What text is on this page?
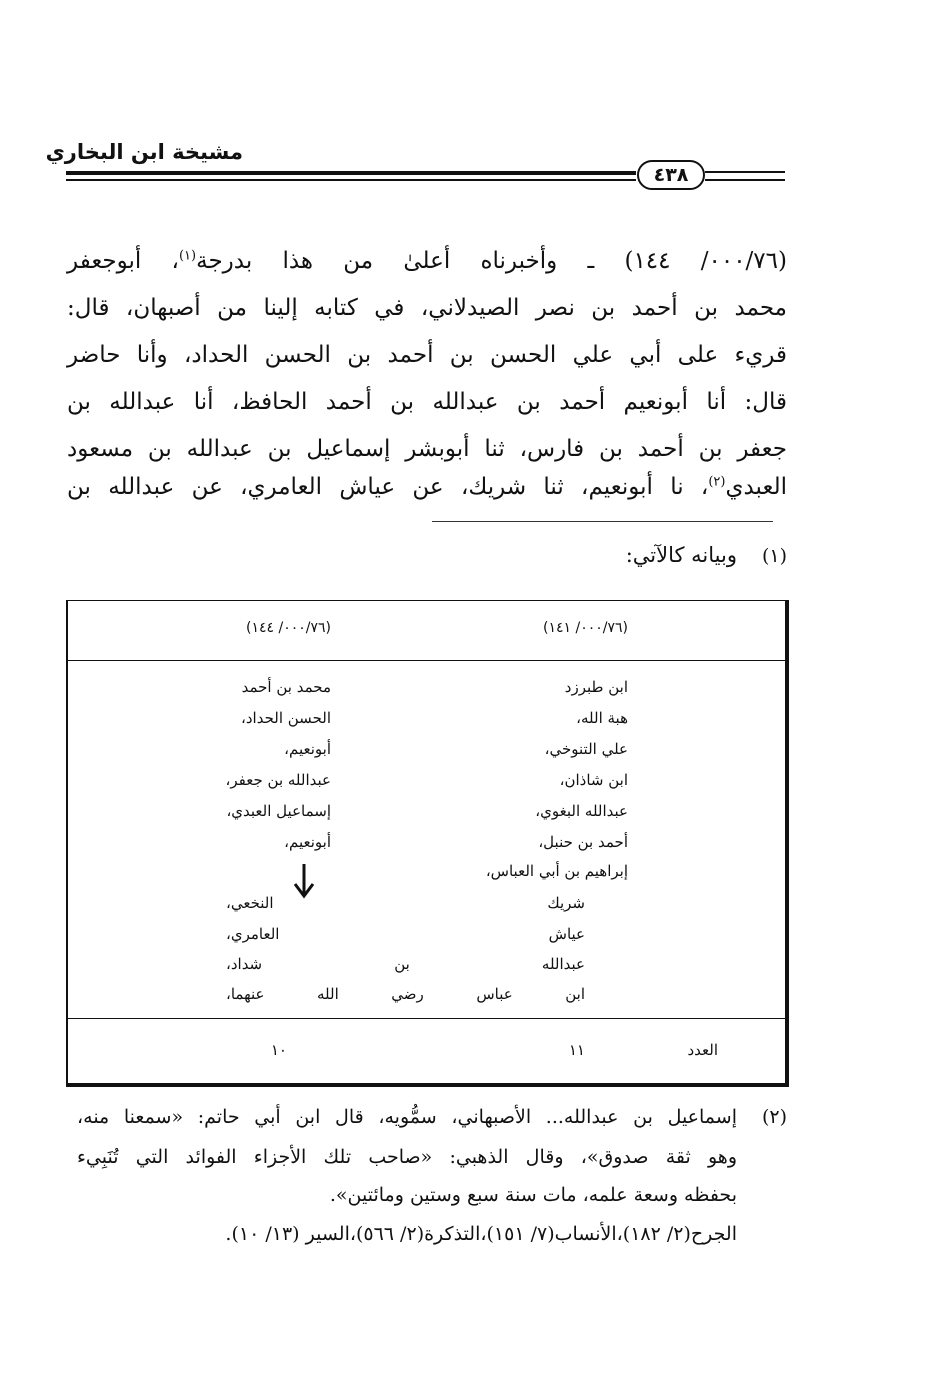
مشيخة ابن البخاري
٤٣٨
(٠٠٠/٧٦/ ١٤٤) ـ وأخبرناه أعلىٰ من هذا بدرجة$^{(١)}$، أبوجعفر
محمد بن أحمد بن نصر الصيدلاني، في كتابه إلينا من أصبهان، قال:
قريء على أبي علي الحسن بن أحمد بن الحسن الحداد، وأنا حاضر
قال: أنا أبونعيم أحمد بن عبدالله بن أحمد الحافظ، أنا عبدالله بن
جعفر بن أحمد بن فارس، ثنا أبوبشر إسماعيل بن عبدالله بن مسعود
العبدي$^{(٢)}$، نا أبونعيم، ثنا شريك، عن عياش العامري، عن عبدالله بن
(١)
وبيانه كالآتي:
(٠٠٠/٧٦/ ١٤١)
(٠٠٠/٧٦/ ١٤٤)
ابن طبرزد
هبة الله،
علي التنوخي،
ابن شاذان،
عبدالله البغوي،
أحمد بن حنبل،
إبراهيم بن أبي العباس،
محمد بن أحمد
الحسن الحداد،
أبونعيم،
عبدالله بن جعفر،
إسماعيل العبدي،
أبونعيم،
شريك النخعي،
عياش العامري،
عبدالله بن شداد،
ابن عباس رضي الله عنهما،
العدد
١١
١٠
(٢)
إسماعيل بن عبدالله... الأصبهاني، سمُّويه، قال ابن أبي حاتم: «سمعنا منه،
وهو ثقة صدوق»، وقال الذهبي: «صاحب تلك الأجزاء الفوائد التي تُنَبِيء
بحفظه وسعة علمه، مات سنة سبع وستين ومائتين».
الجرح(٢/ ١٨٢)،الأنساب(٧/ ١٥١)،التذكرة(٢/ ٥٦٦)،السير (١٣/ ١٠).
